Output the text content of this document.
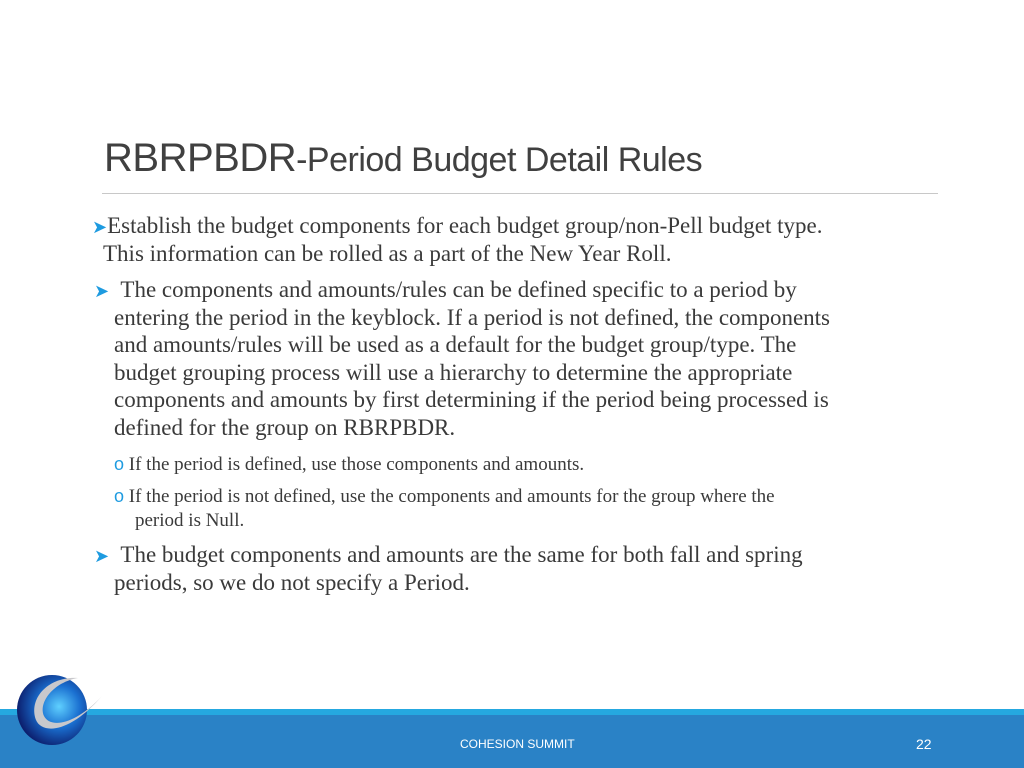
RBRPBDR-Period Budget Detail Rules
➤Establish the budget components for each budget group/non-Pell budget type.
This information can be rolled as a part of the New Year Roll.
➤ The components and amounts/rules can be defined specific to a period by
entering the period in the keyblock. If a period is not defined, the components
and amounts/rules will be used as a default for the budget group/type. The
budget grouping process will use a hierarchy to determine the appropriate
components and amounts by first determining if the period being processed is
defined for the group on RBRPBDR.
o If the period is defined, use those components and amounts.
o If the period is not defined, use the components and amounts for the group where the
period is Null.
➤ The budget components and amounts are the same for both fall and spring
periods, so we do not specify a Period.
COHESION SUMMIT	22
